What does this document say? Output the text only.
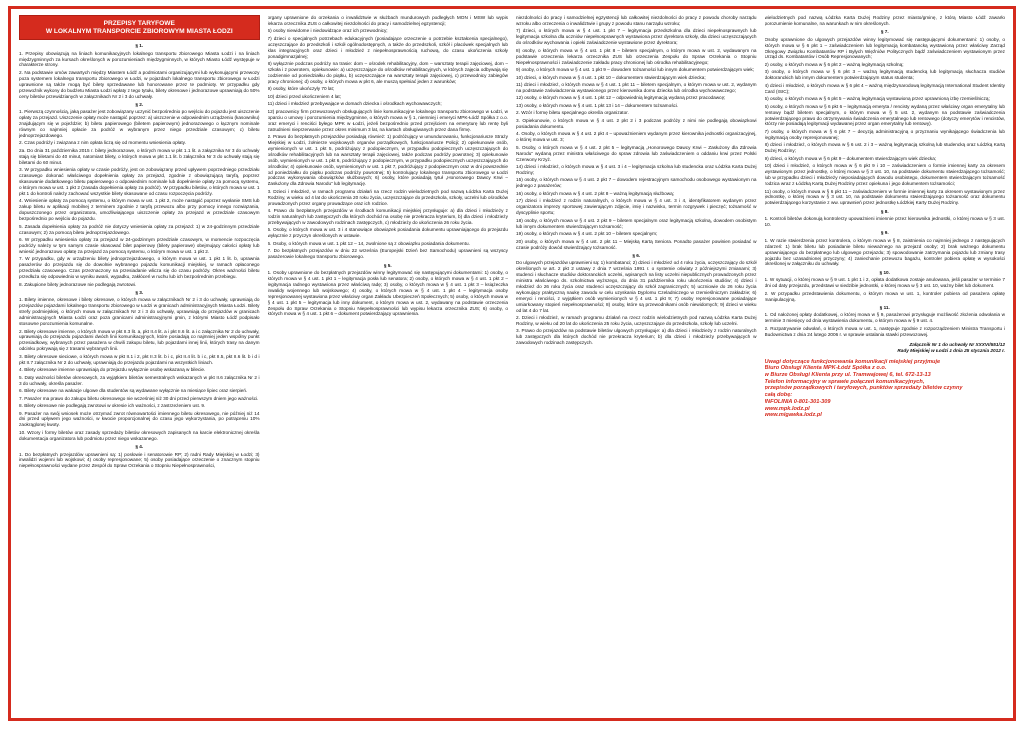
PRZEPISY TARYFOWE
W LOKALNYM TRANSPORCIE ZBIOROWYM MIASTA ŁODZI
§ 1.

1. Przepisy obowiązują na liniach komunikacyjnych lokalnego transportu zbiorowego Miasta Łodzi i na liniach międzygminnych za kursach określonych w porozumieniach międzygminnych, w których Miasto Łódź występuje w charakterze strony.

2. Na podstawie umów zawartych między Miastem Łódź a podmiotami organizującymi lub wykonującymi przewozy poza systemem lokalnego transportu zbiorowego w Łodzi, w pojazdach lokalnego transportu zbiorowego w Łodzi uprawnione są także mogą być bilety sprzedawane lub honorowane przez te podmioty. W przypadku gdy przewoźnik wykony do budżetu Miasta Łodzi wpłaty z tego tytułu, bilety okresowe i jednorazowe uprawniają do 50% ceny biletów przewidzianych w załącznikach Nr 2 i 3 do uchwały.

§ 2.

1. Pierwszą czynnością, jaką pasażer jest zobowiązany uczynić bezpośrednio po wejściu do pojazdu jest uiszczenie opłaty za przejazd. Uiszczenie opłaty może nastąpić poprzez: a) uiszczenie w odpowiednim urządzeniu (kasowniku) znajdującym się w pojeździe; b) biletu papierowego (biletem papierowym) jednorazowego o łącznym nominale równym co najmniej opłacie za podróż w wybranym przez niego przedziale czasowym; c) biletu jednoprzejazdowego.

2. Czas podróży i związana z nim opłata liczą się od momentu wniesienia opłaty.

2a. Do dnia 31 października 2015 r. bilety jednorazowe, o których mowa w pkt 1.1 lit. a załącznika Nr 3 do uchwały stają się biletami do 40 minut, natomiast bilety, o których mowa w pkt 1.1 lit. b załącznika Nr 3 do uchwały stają się biletami do 60 minut.

3. W przypadku wniesienia opłaty w czasie podróży, jest on zobowiązany przed upływem poprzedniego przedziału czasowego dokonać właściwego dopełnienia opłaty za przejazd, zgodnie z obowiązującą taryfą, poprzez skasowanie dodatkowego biletu papierowego o odpowiednim nominale lub dopełnienie opłaty za pomocą systemu, o którym mowa w ust. 1 pkt 2 (zasada dopełnienia opłaty za podróż). W przypadku biletów, o których mowa w ust. 1 pkt 1 do kontroli należy zachować wszystkie bilety skasowane od czasu rozpoczęcia podróży.

4. Wniesienie opłaty za pomocą systemu, o którym mowa w ust. 1 pkt 2, może nastąpić poprzez wysłanie SMS lub zakup biletu w aplikacji mobilnej z terminem zgodnie z taryfą przewozu albo przy pomocy innego rozwiązania, dopuszczonego przez organizatora, umożliwiającego uiszczenie opłaty za przejazd w przedziale czasowym bezpośrednio po wejściu do pojazdu.

5. Zasada dopełnienia opłaty za podróż nie dotyczy wniesienia opłaty za przejazd: 1) w 24-godzinnym przedziale czasowym; 2) za pomocą biletu jednoprzejazdowego.

6. W przypadku wniesienia opłaty za przejazd w 24-godzinnym przedziale czasowym, w momencie rozpoczęcia podróży należy w tym samym czasie skasować bilet papierowy (bilety papierowe) obejmujący całości opłaty lub wniesić jednorazowo opłatę za przejazd za pomocą systemu, o którym mowa w ust. 1 pkt 2.

7. W przypadku, gdy w urządzeniu bilety jednoprzejazdowego, o którym mowa w ust. 1 pkt 1 lit. b, uprawnia pasażerów do przejazdu się do dowolnie wybranego pojazdu komunikacji miejskiej, w ramach opłaconego przedziału czasowego. Czas przeznaczony na przesiadanie wlicza się do czasu podróży. Okres ważności biletu przedłuża się odpowiednio w wyniku awarii, wypadku, zakłóceń w ruchu lub ich bezpośrednim przebiegu.

8. Zakupione bilety jednorazowe nie podlegają zwrotowi.

§ 3.

1. Bilety imienne, okresowe i bilety okresowe, o których mowa w załącznikach Nr 2 i 3 do uchwały, uprawniają do przejazdów pojazdami lokalnego transportu zbiorowego w Łodzi w granicach administracyjnych Miasta Łodzi. Bilety strefy podmiejskiej, o których mowa w załącznikach Nr 2 i 3 do uchwały, uprawniają do przejazdów w granicach administracyjnych Miasta Łodzi oraz poza granicami administracyjnymi gmin, z którymi Miasto Łódź podpisało stosowne porozumienia komunalne.

2. Bilety okresowe imienne, o których mowa w pkt II.3 lit. a, pkt II.4 lit. a i pkt II.6 lit. a i c załącznika Nr 2 do uchwały, uprawniają do przejazdu pojazdami dwóch linii komunikacyjnych, które posiadają co najmniej jeden wspólny punkt przesiadkowy, wybranych przez pasażera w chwili zakupu biletu, lub pojazdami innej linii, których trasy na danym odcinku pokrywają się z trasami wybranych linii.

3. Bilety okresowe sieciowe, o których mowa w pkt II.1 i 2, pkt II.3 lit. b i c, pkt II.4 lit. b i c, pkt II.5, pkt II.6 lit. b i d i pkt II.7 załącznika Nr 2 do uchwały, uprawniają do przejazdu pojazdami na wszystkich liniach.

4. Bilety okresowe imienne uprawniają do przejazdu wyłącznie osobę wskazaną w bilecie.

5. Daty ważności biletów okresowych, za wyjątkiem biletów semestralnych wskazanych w pkt II.6 załącznika Nr 2 i 3 do uchwały, określa pasażer.

6. Bilety okresowe na wakacje ulgowe dla studentów są wydawane wyłącznie na miesiące lipiec oraz sierpień.

7. Pasażer ma prawo do zakupu biletu okresowego nie wcześniej niż 30 dni przed pierwszym dniem jego ważności.

8. Bilety okresowe nie podlegają zwrotowi w okresie ich ważności, z zastrzeżeniem ust. 9.

9. Pasażer na swój wniosek może otrzymać zwrot równowartości imiennego biletu okresowego, nie później niż 14 dni przed upływem jego ważności, w kwocie proporcjonalnej do czasu jego wykorzystania, po potrąceniu 10% zaokrąglonej kwoty.

10. Wzory i formy biletów oraz zasady sprzedaży biletów okresowych zapisanych na karcie elektronicznej określa dokumentacja organizatora lub podmiotu przez niego wskazanego.

§ 4.

1. Do bezpłatnych przejazdów uprawnieni są: 1) posłowie i senatorowie RP; 2) radni Rady Miejskiej w Łodzi; 3) inwalidzi wojenni lub wojskowi; 4) osoby represjonowane; 5) osoby posiadające orzeczenie o znacznym stopniu niepełnosprawności wydane przez Zespół do Spraw Orzekania o Stopniu Niepełnosprawności,

organy uprawnione do orzekania o inwalidztwie w służbach mundurowych podległych MON i MSW lub wypis lekarza orzecznika ZUS o całkowitej niezdolności do pracy i samodzielnej egzystencji;

6) osoby niewidome i niedowidzące oraz ich przewodnicy;

7) dzieci o specjalnych potrzebach edukacyjnych (posiadające orzeczenie o potrzebie kształcenia specjalnego), uczęszczające do przedszkoli i szkół ogólnodostępnych, a także do przedszkoli, szkół i placówek specjalnych lub klas integracyjnych oraz dzieci i młodzież z niepełnosprawnością ruchową, do czasu ukończenia szkoły ponadgimnazjalnej;

8) wyłącznie podczas podróży na trasie: dom – ośrodek rehabilitacyjny, dom – warsztaty terapii zajęciowej, dom – szkoła i z powrotem, opiekunowie: a) uczęszczające do ośrodków rehabilitacyjnych, w których zajęcia odbywają się codziennie od poniedziałku do piątku, b) uczęszczające na warsztaty terapii zajęciowej, c) przewodnicy zabiegów pracy chronionej; d) osoby, o których mowa w pkt 6, ale muszą spełniać jeden z warunków;

9) osoby, które ukończyły 70 lat;

10) dzieci przed ukończeniem 4 lat;

11) dzieci i młodzież przebywające w domach dziecka i ośrodkach wychowawczych;

12) pracownicy firm przewozowych obsługujących linie komunikacyjne lokalnego transportu zbiorowego w Łodzi, w oparciu o umowy i porozumienia międzygminne, o których mowa w § 1, niemniej i emeryci MPK-Łódź Spółka z o.o. oraz emeryci i renciści byłego MPK w Łodzi, jeżeli bezpośrednio przed przejściem na emeryturę lub rentę byli zatrudnieni nieprzerwanie przez okres minimum 3 lat, na kartach obsługiwanych przez dana firmę.

2. Prawo do bezpłatnych przejazdów posiadają również: 1) podróżujący w umundurowaniu, funkcjonariusze Straży Miejskiej w Łodzi, żołnierze wojskowych organów porządkowych, funkcjonariusze Policji; 2) opiekunowie osób, wymienionych w ust. 1 pkt 5, podróżujący z podopiecznym, w przypadku podopiecznych uczęszczających do ośrodków rehabilitacyjnych lub na warsztaty terapii zajęciowej, także podczas podróży powrotnej; 3) opiekunowie osób, wymienionych w ust. 1 pkt 6, podróżujący z podopiecznym, w przypadku podopiecznych uczęszczających do ośrodków; 4) opiekunowie osób, wymienionych w ust. 1 pkt 7, podróżujący z podopiecznym oraz w dni powszednie od poniedziałku do piątku podczas podróży powrotnej; 5) kontrolujący lokalnego transportu zbiorowego w Łodzi podczas wykonywania obowiązków służbowych; 6) osoby, które posiadają tytuł „Honorowego Dawcy Krwi – Zasłużony dla Zdrowia Narodu” lub legitymację.

3. Dzieci i młodzież, w ramach programu działań na rzecz rodzin wielodzietnych pod nazwą Łódzka Karta Dużej Rodziny, w wieku od 4 lat do ukończenia 20 roku życia, uczęszczające do przedszkola, szkoły, uczelni lub ośrodków prowadzonych przez organy prowadzące oraz ich rodzice.

4. Prawo do bezpłatnych przejazdów w środkach komunikacji miejskiej przysługuje: a) dla dzieci i młodzieży z rodzin naturalnych lub zastępczych dla których dochód na osobę nie przekracza kryterium, b) dla dzieci i młodzieży przebywających w zawodowych rodzinach zastępczych, c) młodzieży do ukończenia 26 roku życia.

5. Osoby, o których mowa w ust. 3 i 4 stanowiące obowiązek posiadania dokumentu uprawniającego do przejazdu wyłącznie z przyczyn określonych w ustawie.

6. Osoby, o których mowa w ust. 1 pkt 12 – 14, zwolnione są z obowiązku posiadania dokumentu.

7. Do bezpłatnych przejazdów w dniu 22 września (Europejski Dzień bez Samochodu) uprawnieni są wszyscy pasażerowie lokalnego transportu zbiorowego.

§ 5.

1. Osoby uprawnione do bezpłatnych przejazdów winny legitymować się następującymi dokumentami: 1) osoby, o których mowa w § 4 ust. 1 pkt 1 – legitymacja posła lub senatora; 2) osoby, o których mowa w § 4 ust. 1 pkt 2 – legitymacja radnego wystawiona przez właściwą radę; 3) osoby, o których mowa w § 4 ust. 1 pkt 3 – książeczka inwalidy wojennego lub wojskowego; 4) osoby, o których mowa w § 4 ust. 1 pkt 4 – legitymacja osoby represjonowanej wystawiona przez właściwy organ Zakładu Ubezpieczeń Społecznych; 5) osoby, o których mowa w § 4 ust. 1 pkt 5 – legitymacja lub inny dokument, o którym mowa w ust. 2, wydawany na podstawie orzeczenia Zespołu do Spraw Orzekania o Stopniu Niepełnosprawności lub wypisu lekarza orzecznika ZUS; 6) osoby, o których mowa w § 4 ust. 1 pkt 6 – dokument potwierdzający uprawnienia.

niezdolności do pracy i samodzielnej egzystencji lub całkowitej niezdolności do pracy z powodu choroby narządu wzroku albo orzeczenia o inwalidztwie i grupy z powodu stanu narządu wzroku;

7) dzieci, o których mowa w § 4 ust. 1 pkt 7 – legitymacja przedszkolna dla dzieci niepełnosprawnych lub legitymacja szkolna dla uczniów niepełnosprawnych wystawiona przez dyrektora szkoły, dla dzieci uczęszczających do ośrodków wychowania i opieki zaświadczenie wystawione przez dyrektora;

8) osoby, o których mowa w § 4 ust. 1 pkt 8 – biletem specjalnym, o którym mowa w ust. 2, wydawanym na podstawie orzeczenia lekarza orzecznika ZUS lub orzeczenia Zespołu do Spraw Orzekania o Stopniu Niepełnosprawności i zaświadczenie zakładu pracy chronionej lub ośrodka rehabilitacyjnego;

9) osoby, o których mowa w § 4 ust. 1 pkt 9 – dowodem tożsamości lub innym dokumentem potwierdzającym wiek;

10) dzieci, o których mowa w § 4 ust. 1 pkt 10 – dokumentem stwierdzającym wiek dziecka;

11) dzieci i młodzież, o których mowa w § 4 ust. 1 pkt 11 – biletem specjalnym, o którym mowa w ust. 2, wydanym na podstawie zaświadczenia wystawionego przez kierownika domu dziecka lub ośrodka wychowawczego;

12) osoby, o których mowa w § 4 ust. 1 pkt 12 – odpowiednią legitymacją wydaną przez pracodawcę;

13) osoby, o których mowa w § 4 ust. 1 pkt 13 i 14 – dokumentem tożsamości.

2. Wzór i formę biletu specjalnego określa organizator.

3. Opiekunowie, o których mowa w § 4 ust. 2 pkt 2 i 3 podczas podróży z nimi nie podlegają obowiązkowi posiadania dokumentu.

4. Osoby, o których mowa w § 4 ust. 2 pkt 4 – upoważnieniem wydanym przez kierownika jednostki organizacyjnej, o której mowa w ust. 3;

5. Osoby, o których mowa w § 4 ust. 2 pkt 5 – legitymacją „Honorowego Dawcy Krwi – Zasłużony dla Zdrowia Narodu” wydaną przez ministra właściwego do spraw zdrowia lub zaświadczeniem o oddaniu krwi przez Polski Czerwony Krzyż.

14) dzieci i młodzież, o których mowa w § 4 ust. 3 i 4 – legitymacja szkolna lub studencka oraz Łódzka Karta Dużej Rodziny;

15) osoby, o których mowa w § 4 ust. 2 pkt 7 – dowodem rejestracyjnym samochodu osobowego wystawionym na jednego z pasażerów;

16) osoby, o których mowa w § 4 ust. 2 pkt 8 – ważną legitymacją służbową;

17) dzieci i młodzież z rodzin naturalnych, o których mowa w § 4 ust. 3 i 4, identyfikatorem wydanym przez organizatora imprezy sportowej zawierającym zdjęcie, imię i nazwisko, termin rozgrywek i pieczęć; tożsamość w dyscyplinie sportu;

18) osoby, o których mowa w § 4 ust. 2 pkt 9 – biletem specjalnym oraz legitymacją szkolną, dowodem osobistym lub innym dokumentem stwierdzającym tożsamość;

19) osoby, o których mowa w § 4 ust. 2 pkt 10 – biletem specjalnym;

20) osoby, o których mowa w § 4 ust. 2 pkt 11 – Miejską Kartą Seniora. Ponadto pasażer powinien posiadać w czasie podróży dowód stwierdzający tożsamość.

§ 6.

Do ulgowych przejazdów uprawnieni są: 1) kombatanci; 2) dzieci i młodzież od 4 roku życia, uczęszczający do szkół określonych w art. 2 pkt 2 ustawy z dnia 7 września 1991 r. o systemie oświaty z późniejszymi zmianami; 3) studenci i słuchacze studiów doktoranckich uczelni, wpisanych na listy uczelni niepublicznych prowadzonych przez ministra właściwego ds. szkolnictwa wyższego, do dnia 31 października roku ukończenia studiów; 4) dzieci i młodzież do 26 roku życia oraz studenci uczęszczający do szkół zagranicznych; 5) uczniowie do 26 roku życia wykonujący praktyczną naukę zawodu w celu uzyskania Dyplomu Czeladniczego w rzemieślniczym zakładzie; 6) emeryci i renciści, z wyjątkiem osób wymienionych w § 4 ust. 1 pkt 9; 7) osoby represjonowane posiadające umiarkowany stopień niepełnosprawności; 8) osoby, które są przewodnikami osób niewidomych; 9) dzieci w wieku od lat 4 do 7 lat.

2. Dzieci i młodzież, w ramach programu działań na rzecz rodzin wielodzietnych pod nazwą Łódzka Karta Dużej Rodziny, w wieku od 20 lat do ukończenia 25 roku życia, uczęszczające do przedszkola, szkoły lub uczelni.

3. Prawo do przejazdów na podstawie biletów ulgowych przysługuje: a) dla dzieci i młodzieży z rodzin naturalnych lub zastępczych dla których dochód nie przekracza kryterium; b) dla dzieci i młodzieży przebywających w zawodowych rodzinach zastępczych.

wielodzietnych pod nazwą Łódzka Karta Dużej Rodziny przez miasto/gminę, z którą Miasto Łódź zawarło porozumienie komunalne, na warunkach w nim określonych.

§ 7.

Osoby uprawnione do ulgowych przejazdów winny legitymować się następującymi dokumentami: 1) osoby, o których mowa w § 6 pkt 1 – zaświadczeniem lub legitymacją kombatancką wystawioną przez właściwy Zarząd Okręgowy Związku Kombatantów RP i Byłych Więźniów Politycznych bądź zaświadczeniem wystawionym przez Urząd ds. Kombatantów i Osób Represjonowanych;

2) osoby, o których mowa w § 6 pkt 2 – ważną legitymacją szkolną;

3) osoby, o których mowa w § 6 pkt 3 – ważną legitymacją studencką lub legitymacją słuchacza studiów doktoranckich lub innym dokumentem potwierdzającym status studenta;

4) dzieci i młodzież, o których mowa w § 6 pkt 4 – ważną międzynarodową legitymacją International Student Identity Card (ISIC);

5) osoby, o których mowa w § 6 pkt 5 – ważną legitymacją wystawioną przez uprawnioną izbę rzemieślniczą;

6) osoby, o których mowa w § 6 pkt 6 – legitymacją emeryta / rencisty wydaną przez właściwy organ emerytalny lub rentowy bądź biletem specjalnym, o którym mowa w § 5 ust. 2, wydanym na podstawie zaświadczenia potwierdzającego prawo do otrzymywania świadczenia emerytalnego lub rentowego (dotyczy emerytów i rencistów, którzy nie posiadają legitymacji wydawanej przez organ emerytalny lub rentowy).

7) osoby, o których mowa w § 6 pkt 7 – decyzją administracyjną o przyznaniu wynikającego świadczenia lub legitymacją osoby represjonowanej;

8) dzieci i młodzież, o których mowa w § 6 ust. 2 i 3 – ważną legitymacją szkolną lub studencką oraz Łódzką Kartą Dużej Rodziny;

9) dzieci, o których mowa w § 6 pkt 9 – dokumentem stwierdzającym wiek dziecka;

10) dzieci i młodzież, o których mowa w § 6 pkt 9 i 10 – zaświadczeniem o formie imiennej karty za okresem wystawionym przez jednostkę, o której mowa w § 3 ust. 10, na podstawie dokumentu stwierdzającego tożsamość; lub w przypadku dzieci i młodzieży nieposiadających dowodu osobistego, dokumentem stwierdzającym tożsamość rodzica wraz z Łódzką Kartą Dużej Rodziny przez opiekuna i jego dokumentem tożsamości;

11) osoby, o których mowa w § 6 pkt 11 – zaświadczeniem w formie imiennej karty za okresem wystawionym przez jednostkę, o której mowa w § 3 ust. 10, na podstawie dokumentu stwierdzającego tożsamość oraz dokumentu potwierdzającego korzystanie z ww. uprawnień przez jednostkę Łódzkiej Karty Dużej Rodziny.

§ 8.

1. Kontroli biletów dokonują kontrolerzy upoważnieni imiennie przez kierownika jednostki, o której mowa w § 3 ust. 10.

§ 9.

1. W razie stwierdzenia przez kontrolera, o którym mowa w § 8, zaistnienia co najmniej jednego z następujących zdarzeń: 1) brak biletu lub posiadanie biletu nieważnego na przejazd osoby; 2) brak ważnego dokumentu uprawniającego do bezpłatnego lub ulgowego przejazdu; 3) spowodowanie zatrzymania pojazdu lub zmiany trasy pojazdu bez uzasadnionej przyczyny; 4) zaniechanie przewozu bagażu, kontroler pobiera opłatę w wysokości określonej w załączniku do uchwały.

§ 10.

1. W sytuacji, o której mowa w § 9 ust. 1 pkt 1 i 2, opłata dodatkowa zostaje anulowana, jeśli pasażer w terminie 7 dni od daty przejazdu, przedstawi w siedzibie jednostki, o której mowa w § 3 ust. 10, ważny bilet lub dokument.

2. W przypadku przedstawienia dokumentu, o którym mowa w ust. 1, kontroler pobiera od pasażera opłatę manipulacyjną.

§ 11.

1. Od nałożonej opłaty dodatkowej, o której mowa w § 9, pasażerowi przysługuje możliwość złożenia odwołania w terminie 3 miesięcy od dnia wystawienia dokumentu, o którym mowa w § 9 ust. 4.

2. Rozpatrywanie odwołań, o których mowa w ust. 1, następuje zgodnie z rozporządzeniem Ministra Transportu i Budownictwa z dnia 24 lutego 2006 r. w sprawie ustalania stawki przewozowej.

Załącznik Nr 1 do uchwały Nr XXXVI/551/12
Rady Miejskiej w Łodzi z dnia 25 stycznia 2012 r.
Uwagi dotyczące funkcjonowania komunikacji miejskiej przyjmuje
Biuro Obsługi Klienta MPK-Łódź Spółka z o.o.
w Biurze Obsługi Klienta przy ul. Tramwajowej 6, tel. 672-13-13
Telefon informacyjny w sprawie połączeń komunikacyjnych,
przepisów porządkowych i taryfowych, punktów sprzedaży biletów czynny
całą dobę:
INFOLINIA 0-801-301-309
www.mpk.lodz.pl
www.migawka.lodz.pl
